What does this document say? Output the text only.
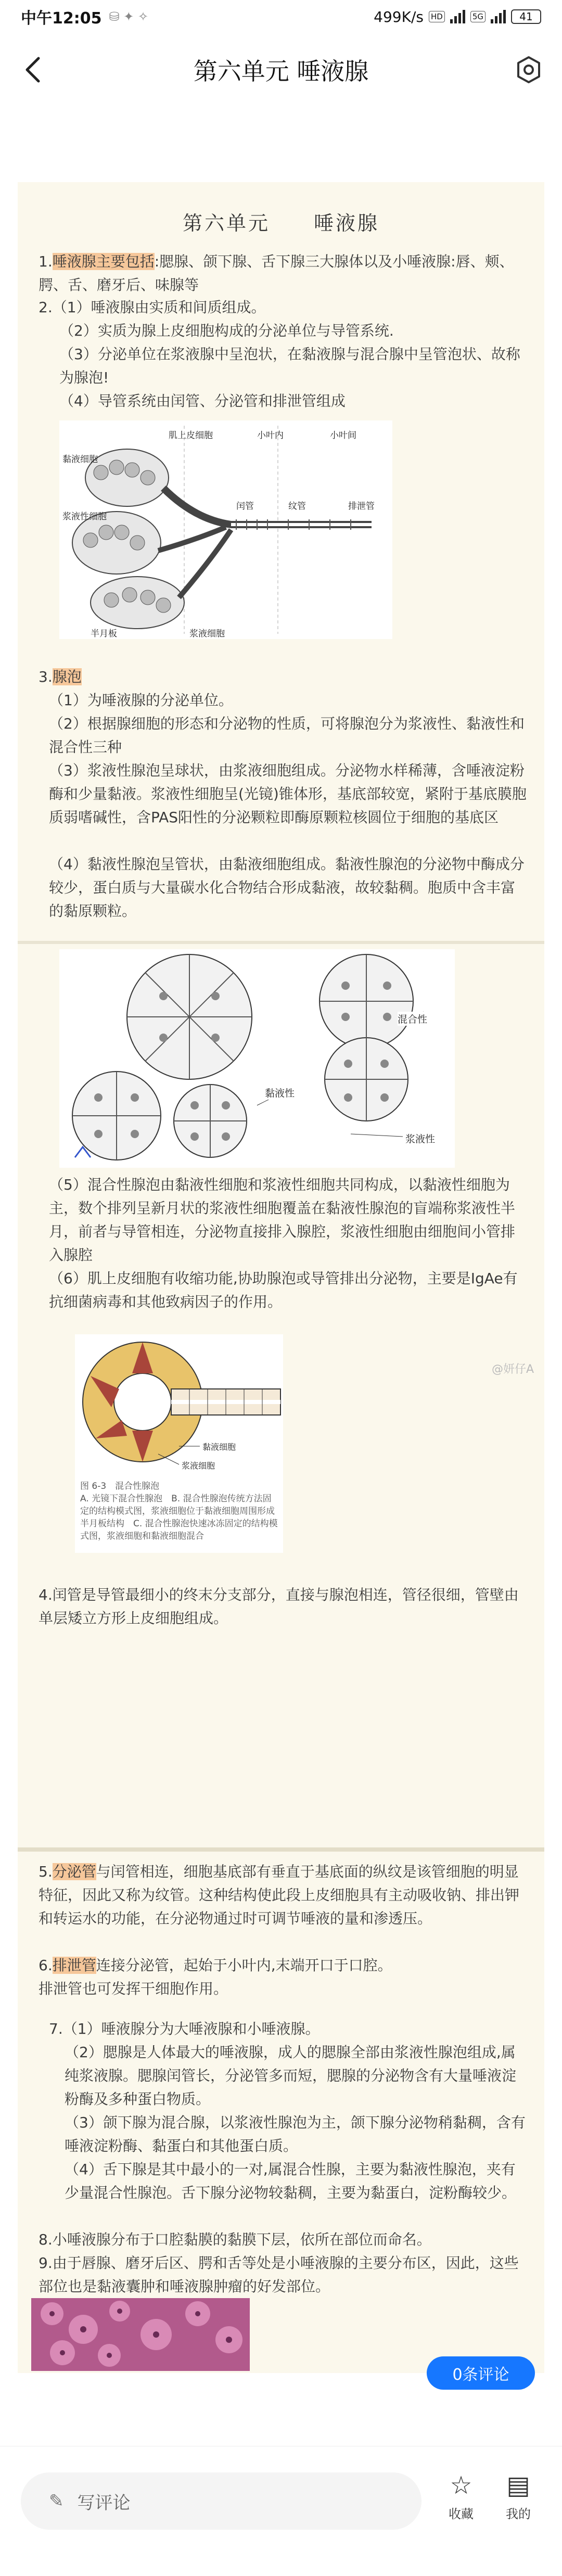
中午12:05 ⛁ ✦ ✧	499K/s HD	5G	41
第六单元 唾液腺
第六单元　　唾液腺
1.唾液腺主要包括:腮腺、颌下腺、舌下腺三大腺体以及小唾液腺:唇、颊、腭、舌、磨牙后、味腺等
2.（1）唾液腺由实质和间质组成。
（2）实质为腺上皮细胞构成的分泌单位与导管系统.
（3）分泌单位在浆液腺中呈泡状，在黏液腺与混合腺中呈管泡状、故称为腺泡!
（4）导管系统由闰管、分泌管和排泄管组成
肌上皮细胞	小叶内	小叶间
黏液细胞
闰管	纹管	排泄管
浆液性细胞
半月板	浆液细胞
3.腺泡
（1）为唾液腺的分泌单位。
（2）根据腺细胞的形态和分泌物的性质，可将腺泡分为浆液性、黏液性和混合性三种
（3）浆液性腺泡呈球状，由浆液细胞组成。分泌物水样稀薄，含唾液淀粉酶和少量黏液。浆液性细胞呈(光镜)锥体形，基底部较宽，紧附于基底膜胞质弱嗜碱性，含PAS阳性的分泌颗粒即酶原颗粒核圆位于细胞的基底区
（4）黏液性腺泡呈管状，由黏液细胞组成。黏液性腺泡的分泌物中酶成分较少，蛋白质与大量碳水化合物结合形成黏液，故较黏稠。胞质中含丰富的黏原颗粒。
混合性
黏液性
浆液性
（5）混合性腺泡由黏液性细胞和浆液性细胞共同构成，以黏液性细胞为主，数个排列呈新月状的浆液性细胞覆盖在黏液性腺泡的盲端称浆液性半月，前者与导管相连，分泌物直接排入腺腔，浆液性细胞由细胞间小管排入腺腔
（6）肌上皮细胞有收缩功能,协助腺泡或导管排出分泌物，主要是IgAe有抗细菌病毒和其他致病因子的作用。
黏液细胞
浆液细胞
图 6-3　混合性腺泡
A. 光镜下混合性腺泡　B. 混合性腺泡传统方法固定的结构模式图，浆液细胞位于黏液细胞周围形成半月板结构　C. 混合性腺泡快速冰冻固定的结构模式图，浆液细胞和黏液细胞混合
@妍仔A
4.闰管是导管最细小的终末分支部分，直接与腺泡相连，管径很细，管壁由单层矮立方形上皮细胞组成。
5.分泌管与闰管相连，细胞基底部有垂直于基底面的纵纹是该管细胞的明显特征，因此又称为纹管。这种结构使此段上皮细胞具有主动吸收钠、排出钾和转运水的功能，在分泌物通过时可调节唾液的量和渗透压。
6.排泄管连接分泌管，起始于小叶内,末端开口于口腔。
排泄管也可发挥干细胞作用。
7.（1）唾液腺分为大唾液腺和小唾液腺。
（2）腮腺是人体最大的唾液腺，成人的腮腺全部由浆液性腺泡组成,属纯浆液腺。腮腺闰管长，分泌管多而短，腮腺的分泌物含有大量唾液淀粉酶及多种蛋白物质。
（3）颌下腺为混合腺，以浆液性腺泡为主，颌下腺分泌物稍黏稠，含有唾液淀粉酶、黏蛋白和其他蛋白质。
（4）舌下腺是其中最小的一对,属混合性腺，主要为黏液性腺泡，夹有少量混合性腺泡。舌下腺分泌物较黏稠，主要为黏蛋白，淀粉酶较少。
8.小唾液腺分布于口腔黏膜的黏膜下层，依所在部位而命名。
9.由于唇腺、磨牙后区、腭和舌等处是小唾液腺的主要分布区，因此，这些部位也是黏液囊肿和唾液腺肿瘤的好发部位。
0条评论
✎ 写评论
☆
收藏
▤
我的
